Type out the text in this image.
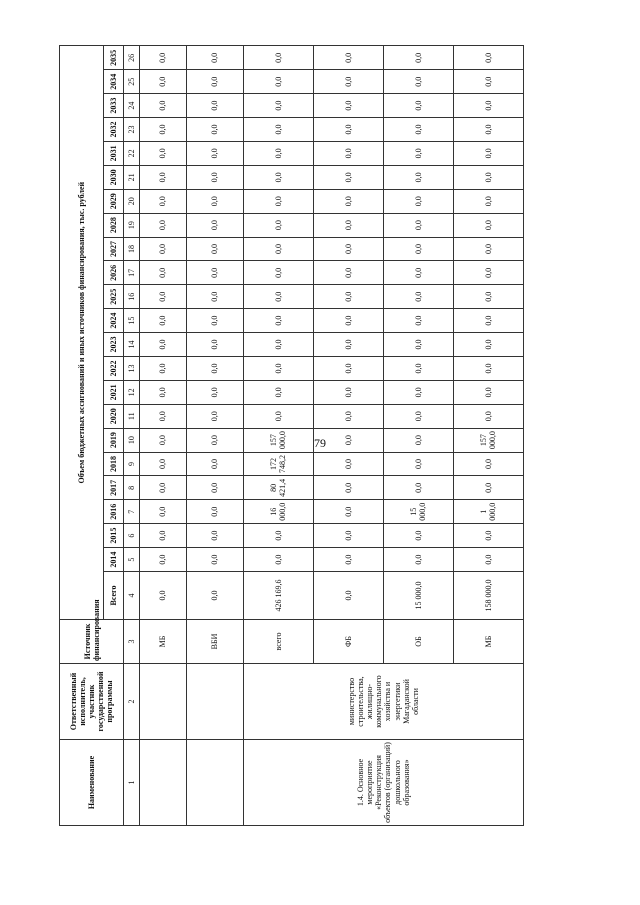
79
Наименование	Ответственный исполнитель, участник государственной программы	Источник финансирования	Объем бюджетных ассигнований и иных источников финансирования, тыс. рублей																						
			Всего	2014	2015	2016	2017	2018	2019	2020	2021	2022	2023	2024	2025	2026	2027	2028	2029	2030	2031	2032	2033	2034	2035
1	2	3	4	5	6	7	8	9	10	11	12	13	14	15	16	17	18	19	20	21	22	23	24	25	26
		МБ	0,0	0,0	0,0	0,0	0,0	0,0	0,0	0,0	0,0	0,0	0,0	0,0	0,0	0,0	0,0	0,0	0,0	0,0	0,0	0,0	0,0	0,0	0,0
		ВБИ	0,0	0,0	0,0	0,0	0,0	0,0	0,0	0,0	0,0	0,0	0,0	0,0	0,0	0,0	0,0	0,0	0,0	0,0	0,0	0,0	0,0	0,0	0,0
1.4. Основное мероприятие «Реконструкция объектов (организаций) дошкольного образования»	министерство строительства, жилищно-коммунального хозяйства и энергетики Магаданской области	всего	426 169,6	0,0	0,0	16 000,0	80 421,4	172 748,2	157 000,0	0,0	0,0	0,0	0,0	0,0	0,0	0,0	0,0	0,0	0,0	0,0	0,0	0,0	0,0	0,0	0,0
		ФБ	0,0	0,0	0,0	0,0	0,0	0,0	0,0	0,0	0,0	0,0	0,0	0,0	0,0	0,0	0,0	0,0	0,0	0,0	0,0	0,0	0,0	0,0	0,0
		ОБ	15 000,0	0,0	0,0	15 000,0	0,0	0,0	0,0	0,0	0,0	0,0	0,0	0,0	0,0	0,0	0,0	0,0	0,0	0,0	0,0	0,0	0,0	0,0	0,0
		МБ	158 000,0	0,0	0,0	1 000,0	0,0	0,0	157 000,0	0,0	0,0	0,0	0,0	0,0	0,0	0,0	0,0	0,0	0,0	0,0	0,0	0,0	0,0	0,0	0,0
